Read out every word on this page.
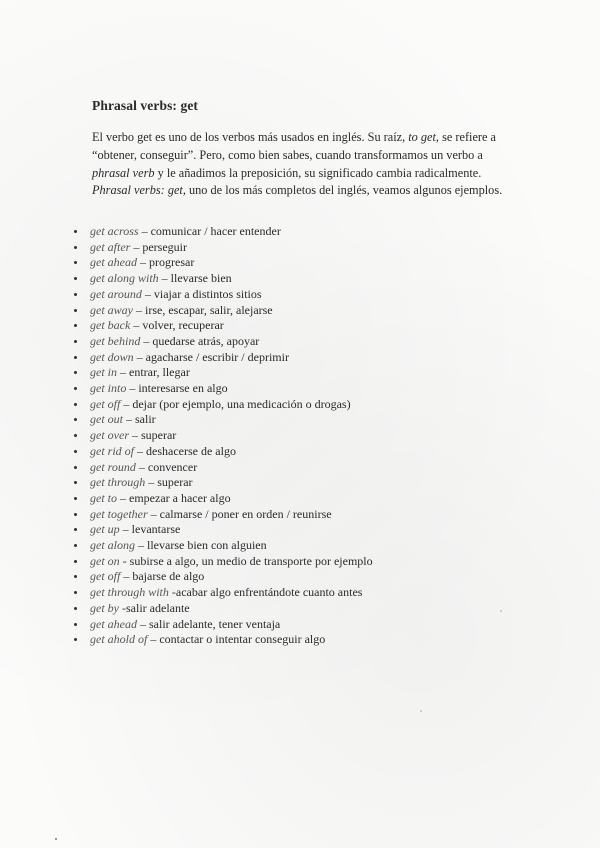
Phrasal verbs: get
El verbo get es uno de los verbos más usados en inglés. Su raíz, to get, se refiere a “obtener, conseguir”. Pero, como bien sabes, cuando transformamos un verbo a phrasal verb y le añadimos la preposición, su significado cambia radicalmente. Phrasal verbs: get, uno de los más completos del inglés, veamos algunos ejemplos.
get across – comunicar / hacer entender
get after – perseguir
get ahead – progresar
get along with – llevarse bien
get around – viajar a distintos sitios
get away – irse, escapar, salir, alejarse
get back – volver, recuperar
get behind – quedarse atrás, apoyar
get down – agacharse / escribir / deprimir
get in – entrar, llegar
get into – interesarse en algo
get off – dejar (por ejemplo, una medicación o drogas)
get out – salir
get over – superar
get rid of – deshacerse de algo
get round – convencer
get through – superar
get to – empezar a hacer algo
get together – calmarse / poner en orden / reunirse
get up – levantarse
get along – llevarse bien con alguien
get on - subirse a algo, un medio de transporte por ejemplo
get off – bajarse de algo
get through with -acabar algo enfrentándote cuanto antes
get by -salir adelante
get ahead – salir adelante, tener ventaja
get ahold of – contactar o intentar conseguir algo
